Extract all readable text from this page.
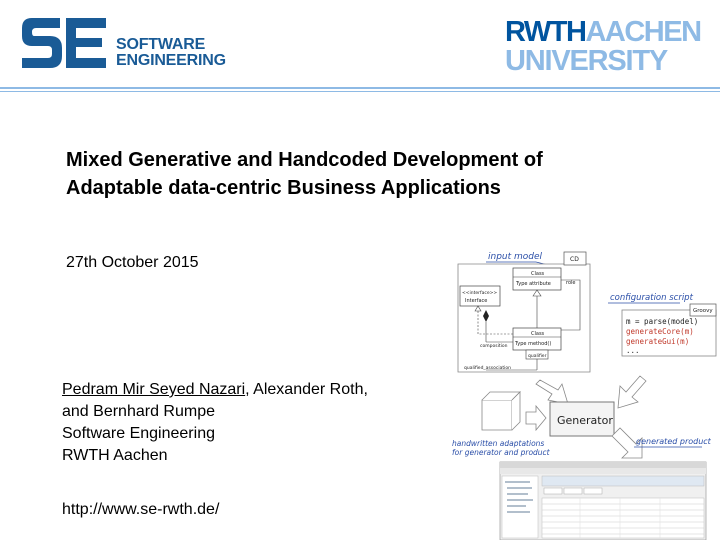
SOFTWARE
ENGINEERING
RWTHAACHEN
UNIVERSITY
Mixed Generative and Handcoded Development of
Adaptable data-centric Business Applications
27th October 2015
Pedram Mir Seyed Nazari, Alexander Roth,
and Bernhard Rumpe
Software Engineering
RWTH Aachen
http://www.se-rwth.de/
input model	CD
Class
Type attribute	role
<<interface>>
Interface
composition
Class
Type method()
qualifier
qualified_association
configuration script
Groovy
m = parse(model)
generateCore(m)
generateGui(m)
...
Generator
generated product
handwritten adaptations
for generator and product
